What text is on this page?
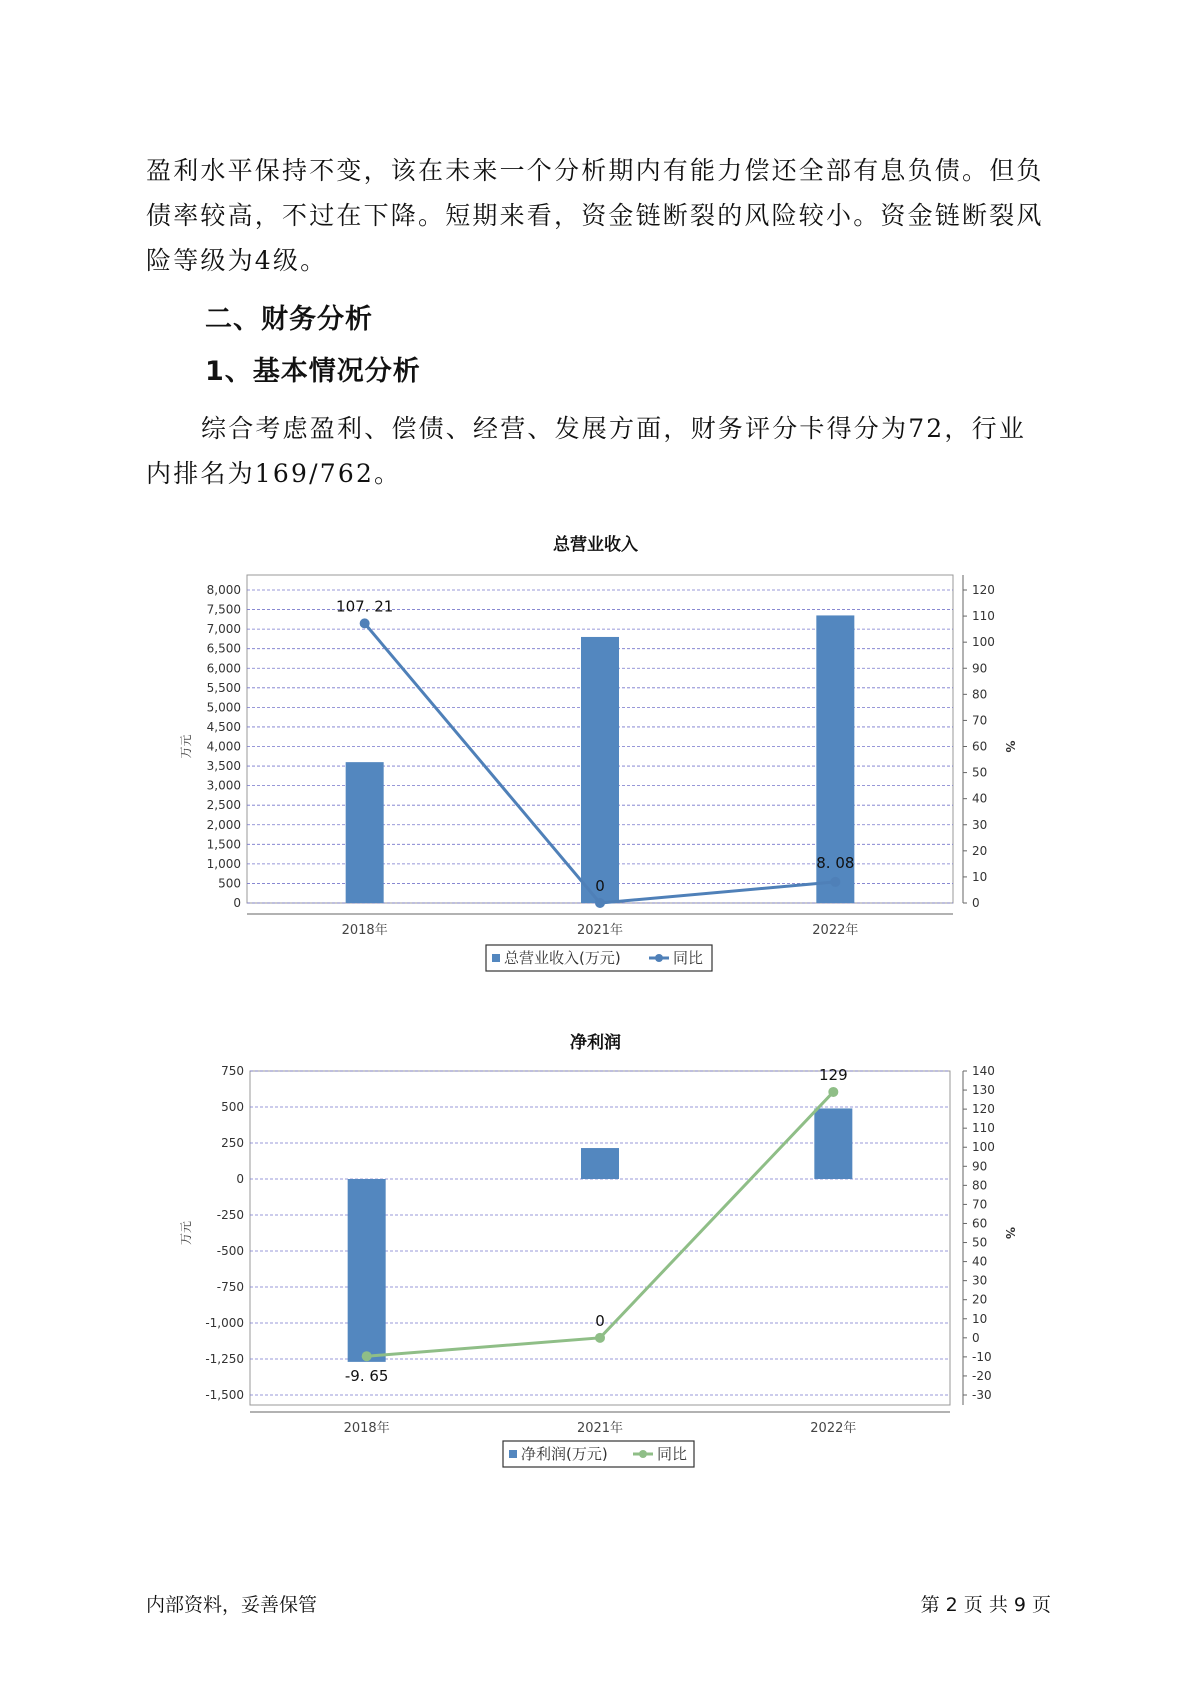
盈利水平保持不变，该在未来一个分析期内有能力偿还全部有息负债。但负债率较高，不过在下降。短期来看，资金链断裂的风险较小。资金链断裂风险等级为4级。
二、财务分析
1、基本情况分析
综合考虑盈利、偿债、经营、发展方面，财务评分卡得分为72，行业内排名为169/762。
总营业收入
0
500
1,000
1,500
2,000
2,500
3,000
3,500
4,000
4,500
5,000
5,500
6,000
6,500
7,000
7,500
8,000
0
10
20
30
40
50
60
70
80
90
100
110
120
万元	%
2018年	2021年	2022年
107. 21
0
8. 08
总营业收入(万元)	同比
净利润
-1,500
-1,250
-1,000
-750
-500
-250
0
250
500
750
-30
-20
-10
0
10
20
30
40
50
60
70
80
90
100
110
120
130
140
万元	%
2018年	2021年	2022年
-9. 65
0
129
净利润(万元)	同比
内部资料，妥善保管	第 2 页 共 9 页
